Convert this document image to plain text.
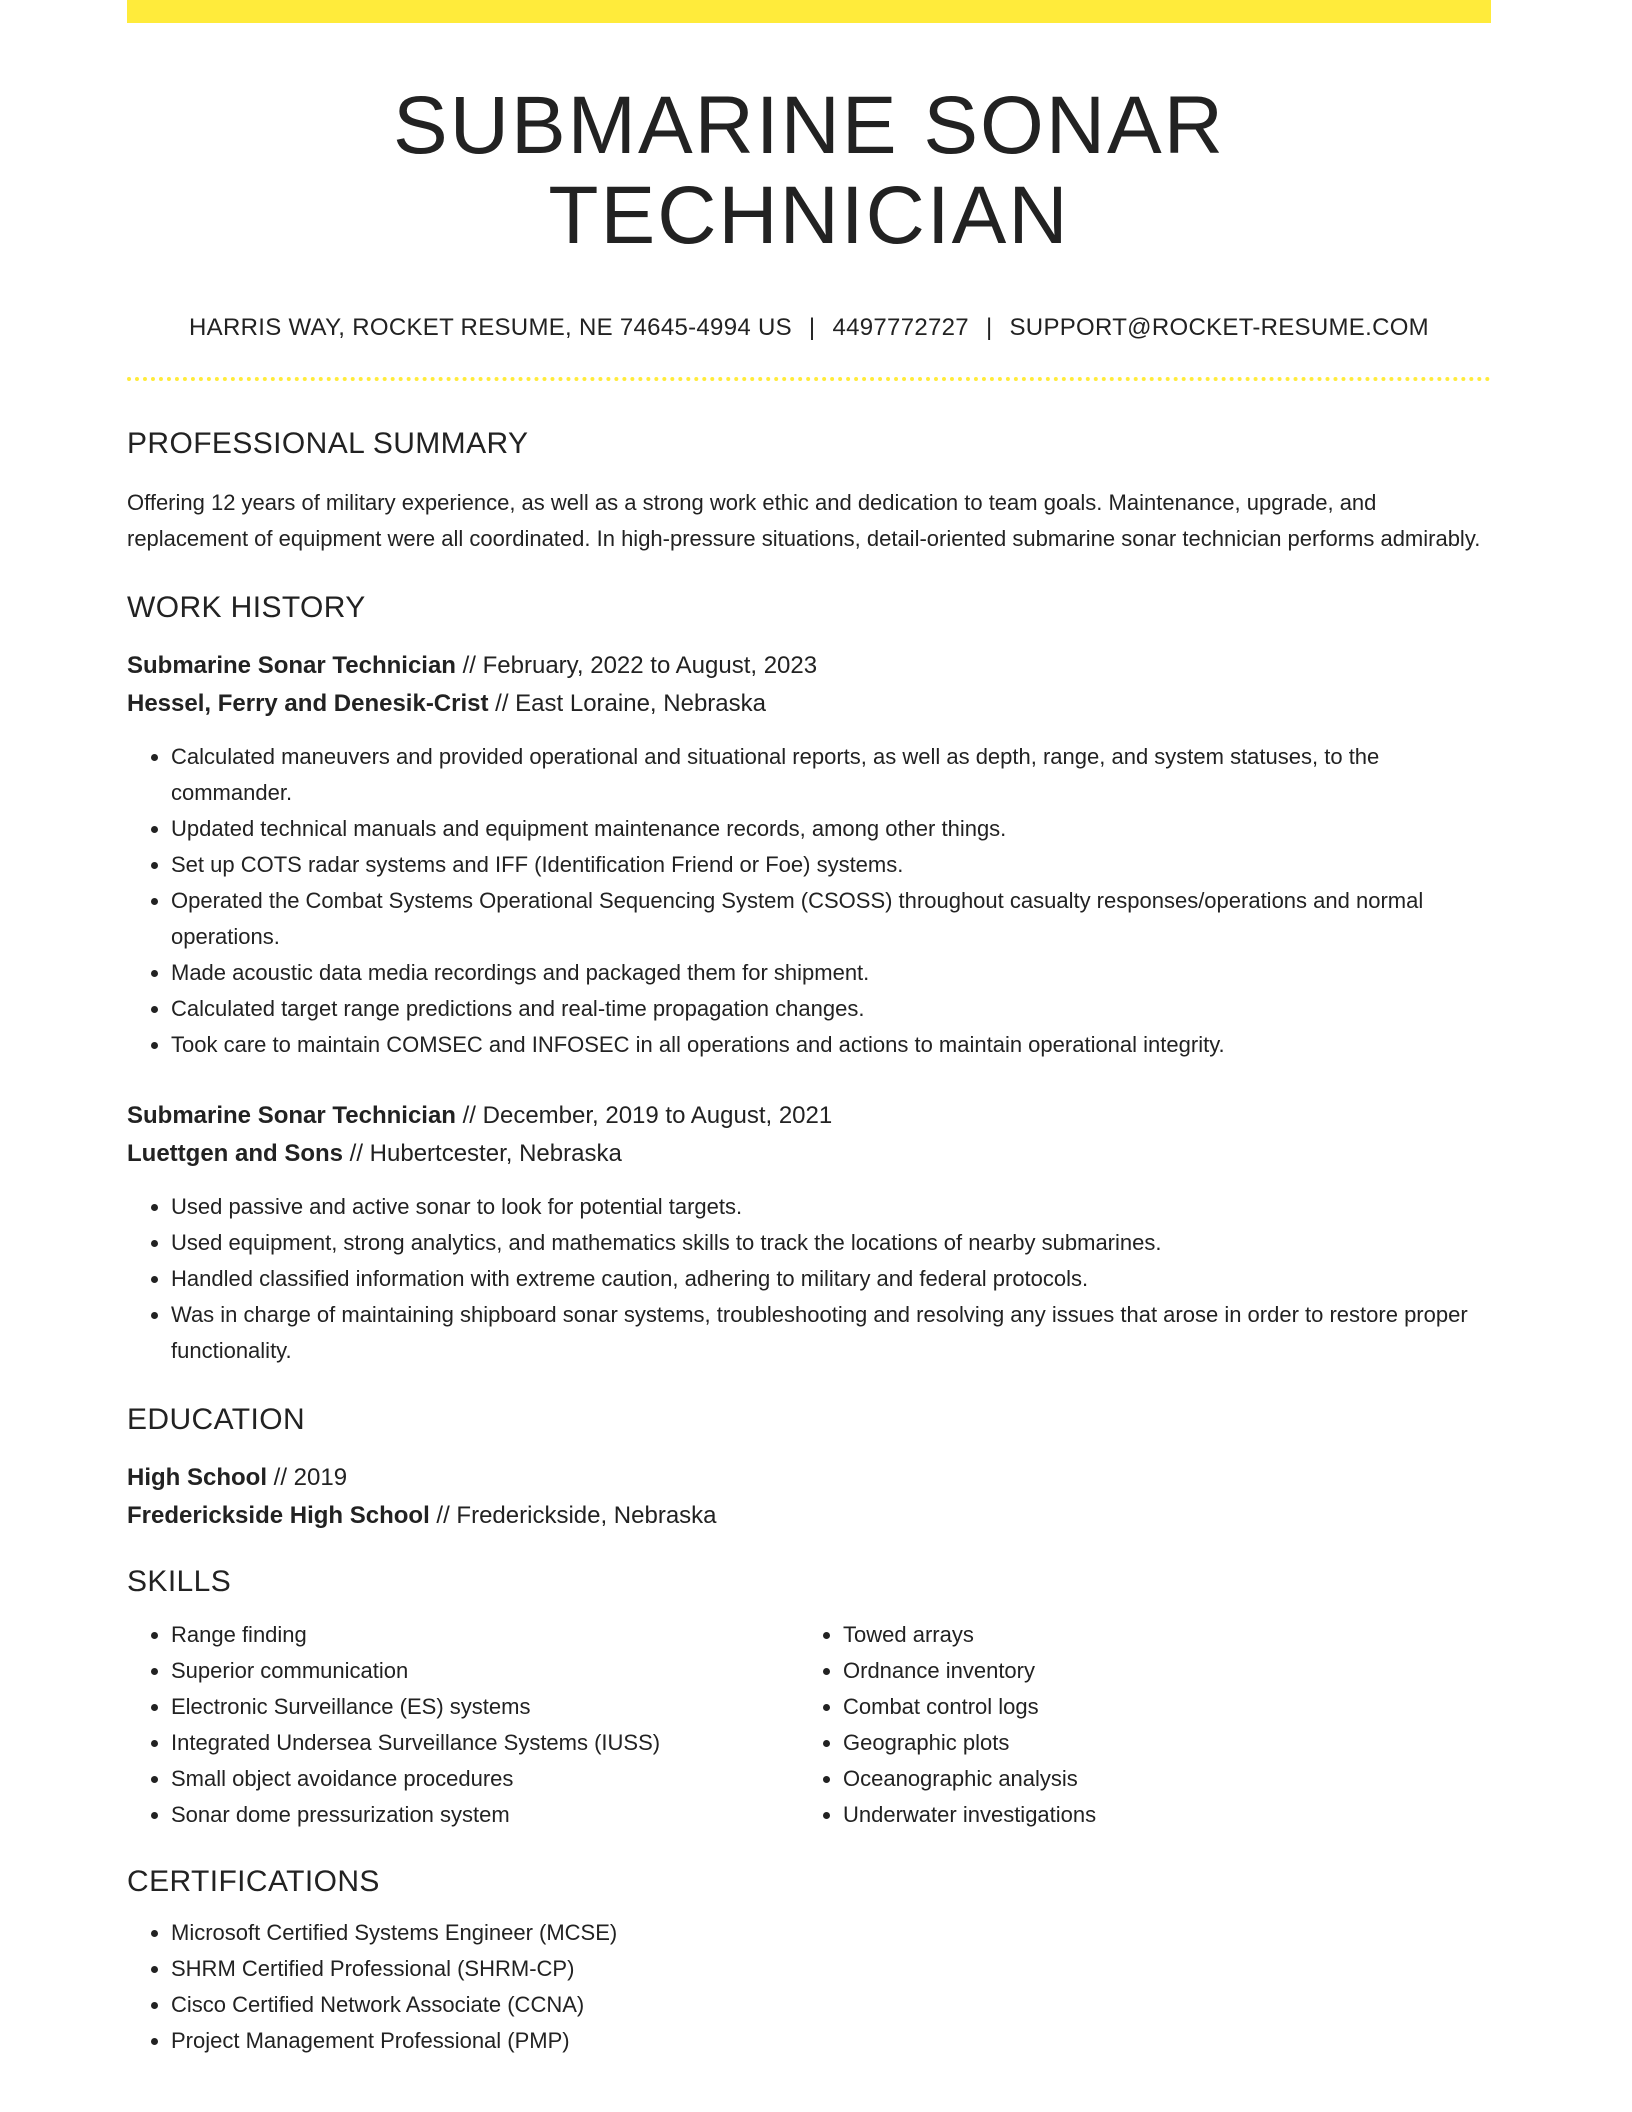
SUBMARINE SONAR TECHNICIAN
HARRIS WAY, ROCKET RESUME, NE 74645-4994 US | 4497772727 | SUPPORT@ROCKET-RESUME.COM
PROFESSIONAL SUMMARY

Offering 12 years of military experience, as well as a strong work ethic and dedication to team goals. Maintenance, upgrade, and replacement of equipment were all coordinated. In high-pressure situations, detail-oriented submarine sonar technician performs admirably.

WORK HISTORY
Submarine Sonar Technician // February, 2022 to August, 2023
Hessel, Ferry and Denesik-Crist // East Loraine, Nebraska
• Calculated maneuvers and provided operational and situational reports, as well as depth, range, and system statuses, to the commander.
• Updated technical manuals and equipment maintenance records, among other things.
• Set up COTS radar systems and IFF (Identification Friend or Foe) systems.
• Operated the Combat Systems Operational Sequencing System (CSOSS) throughout casualty responses/operations and normal operations.
• Made acoustic data media recordings and packaged them for shipment.
• Calculated target range predictions and real-time propagation changes.
• Took care to maintain COMSEC and INFOSEC in all operations and actions to maintain operational integrity.
Submarine Sonar Technician // December, 2019 to August, 2021
Luettgen and Sons // Hubertcester, Nebraska
• Used passive and active sonar to look for potential targets.
• Used equipment, strong analytics, and mathematics skills to track the locations of nearby submarines.
• Handled classified information with extreme caution, adhering to military and federal protocols.
• Was in charge of maintaining shipboard sonar systems, troubleshooting and resolving any issues that arose in order to restore proper functionality.
EDUCATION
High School // 2019
Frederickside High School // Frederickside, Nebraska
SKILLS
• Range finding
• Superior communication
• Electronic Surveillance (ES) systems
• Integrated Undersea Surveillance Systems (IUSS)
• Small object avoidance procedures
• Sonar dome pressurization system
• Towed arrays
• Ordnance inventory
• Combat control logs
• Geographic plots
• Oceanographic analysis
• Underwater investigations
CERTIFICATIONS
• Microsoft Certified Systems Engineer (MCSE)
• SHRM Certified Professional (SHRM-CP)
• Cisco Certified Network Associate (CCNA)
• Project Management Professional (PMP)
